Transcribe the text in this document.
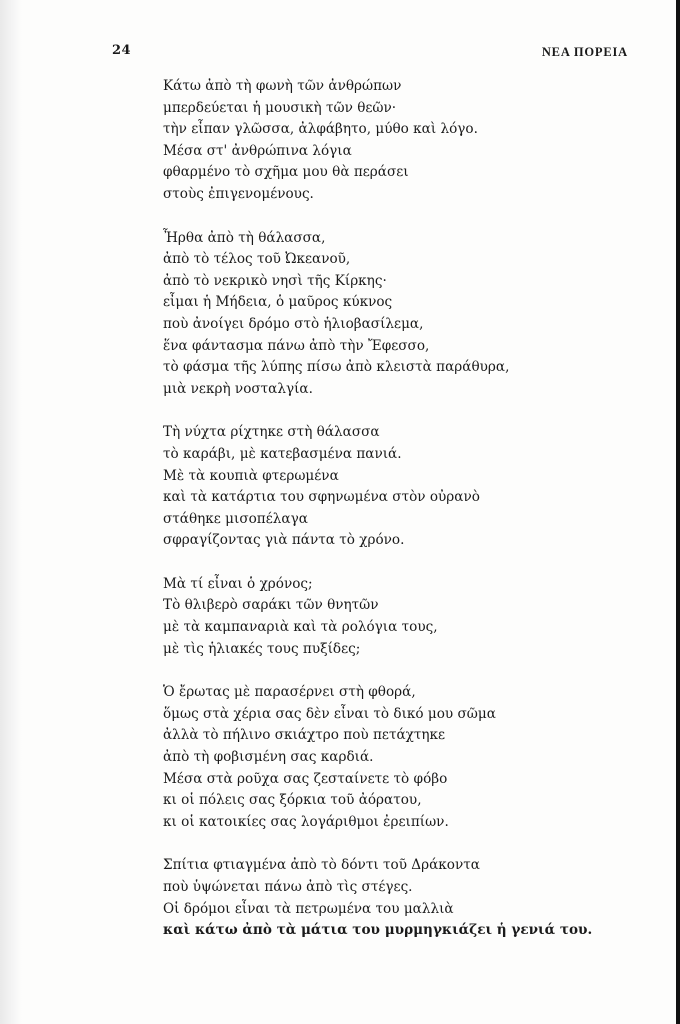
24	ΝΕΑ ΠΟΡΕΙΑ
Κάτω ἀπὸ τὴ φωνὴ τῶν ἀνθρώπων
μπερδεύεται ἡ μουσικὴ τῶν θεῶν·
τὴν εἶπαν γλῶσσα, ἀλφάβητο, μύθο καὶ λόγο.
Μέσα στ' ἀνθρώπινα λόγια
φθαρμένο τὸ σχῆμα μου θὰ περάσει
στοὺς ἐπιγενομένους.
Ἦρθα ἀπὸ τὴ θάλασσα,
ἀπὸ τὸ τέλος τοῦ Ὠκεανοῦ,
ἀπὸ τὸ νεκρικὸ νησὶ τῆς Κίρκης·
εἶμαι ἡ Μήδεια, ὁ μαῦρος κύκνος
ποὺ ἀνοίγει δρόμο στὸ ἡλιοβασίλεμα,
ἕνα φάντασμα πάνω ἀπὸ τὴν Ἔφεσσο,
τὸ φάσμα τῆς λύπης πίσω ἀπὸ κλειστὰ παράθυρα,
μιὰ νεκρὴ νοσταλγία.
Τὴ νύχτα ρίχτηκε στὴ θάλασσα
τὸ καράβι, μὲ κατεβασμένα πανιά.
Μὲ τὰ κουπιὰ φτερωμένα
καὶ τὰ κατάρτια του σφηνωμένα στὸν οὐρανὸ
στάθηκε μισοπέλαγα
σφραγίζοντας γιὰ πάντα τὸ χρόνο.
Μὰ τί εἶναι ὁ χρόνος;
Τὸ θλιβερὸ σαράκι τῶν θνητῶν
μὲ τὰ καμπαναριὰ καὶ τὰ ρολόγια τους,
μὲ τὶς ἡλιακές τους πυξίδες;
Ὁ ἔρωτας μὲ παρασέρνει στὴ φθορά,
ὅμως στὰ χέρια σας δὲν εἶναι τὸ δικό μου σῶμα
ἀλλὰ τὸ πήλινο σκιάχτρο ποὺ πετάχτηκε
ἀπὸ τὴ φοβισμένη σας καρδιά.
Μέσα στὰ ροῦχα σας ζεσταίνετε τὸ φόβο
κι οἱ πόλεις σας ξόρκια τοῦ ἀόρατου,
κι οἱ κατοικίες σας λογάριθμοι ἐρειπίων.
Σπίτια φτιαγμένα ἀπὸ τὸ δόντι τοῦ Δράκοντα
ποὺ ὑψώνεται πάνω ἀπὸ τὶς στέγες.
Οἱ δρόμοι εἶναι τὰ πετρωμένα του μαλλιὰ
καὶ κάτω ἀπὸ τὰ μάτια του μυρμηγκιάζει ἡ γενιά του.
